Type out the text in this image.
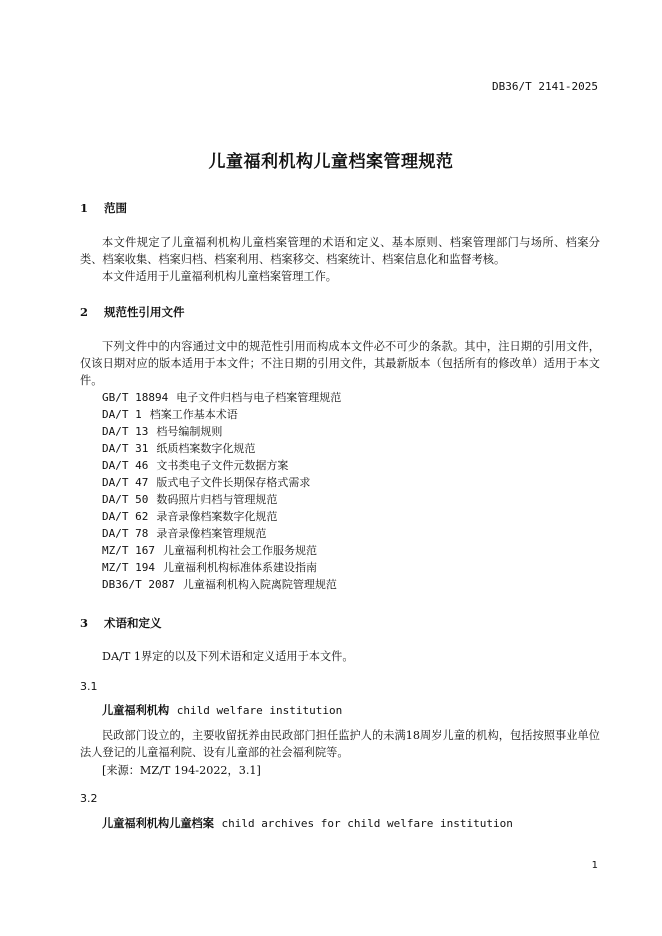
DB36/T 2141-2025
儿童福利机构儿童档案管理规范
1 范围
本文件规定了儿童福利机构儿童档案管理的术语和定义、基本原则、档案管理部门与场所、档案分类、档案收集、档案归档、档案利用、档案移交、档案统计、档案信息化和监督考核。
本文件适用于儿童福利机构儿童档案管理工作。
2 规范性引用文件
下列文件中的内容通过文中的规范性引用而构成本文件必不可少的条款。其中，注日期的引用文件，仅该日期对应的版本适用于本文件；不注日期的引用文件，其最新版本（包括所有的修改单）适用于本文件。
GB/T 18894 电子文件归档与电子档案管理规范
DA/T 1 档案工作基本术语
DA/T 13 档号编制规则
DA/T 31 纸质档案数字化规范
DA/T 46 文书类电子文件元数据方案
DA/T 47 版式电子文件长期保存格式需求
DA/T 50 数码照片归档与管理规范
DA/T 62 录音录像档案数字化规范
DA/T 78 录音录像档案管理规范
MZ/T 167 儿童福利机构社会工作服务规范
MZ/T 194 儿童福利机构标准体系建设指南
DB36/T 2087 儿童福利机构入院离院管理规范
3 术语和定义
DA/T 1界定的以及下列术语和定义适用于本文件。
3.1
儿童福利机构 child welfare institution
民政部门设立的，主要收留抚养由民政部门担任监护人的未满18周岁儿童的机构，包括按照事业单位法人登记的儿童福利院、设有儿童部的社会福利院等。
[来源：MZ/T 194-2022，3.1]
3.2
儿童福利机构儿童档案 child archives for child welfare institution
1
